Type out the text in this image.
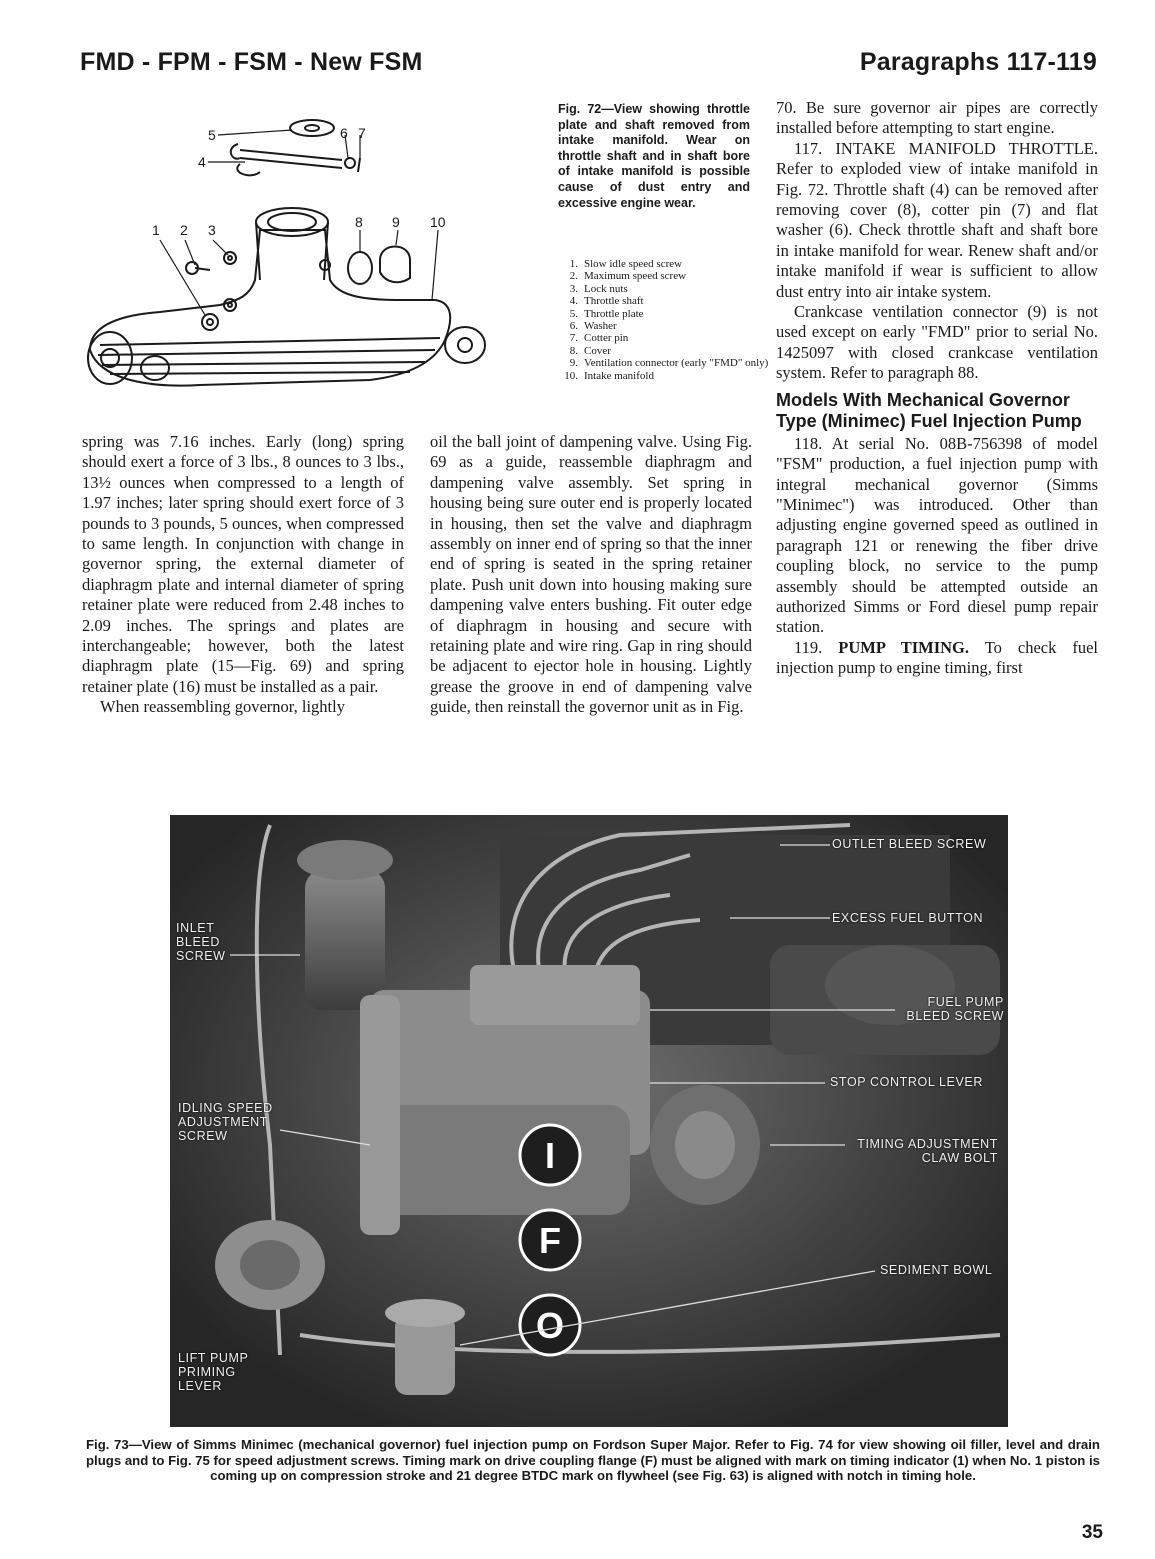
FMD - FPM - FSM - New FSM	Paragraphs 117-119
5
4
6 7
1 2 3	8 9 10
Fig. 72—View showing throttle plate and shaft removed from intake manifold. Wear on throttle shaft and in shaft bore of intake manifold is possible cause of dust entry and excessive engine wear.
1. Slow idle speed screw
2. Maximum speed screw
3. Lock nuts
4. Throttle shaft
5. Throttle plate
6. Washer
7. Cotter pin
8. Cover
9. Ventilation connector (early "FMD" only)
10. Intake manifold

spring was 7.16 inches. Early (long) spring should exert a force of 3 lbs., 8 ounces to 3 lbs., 13½ ounces when compressed to a length of 1.97 inches; later spring should exert force of 3 pounds to 3 pounds, 5 ounces, when compressed to same length. In conjunction with change in governor spring, the external diameter of diaphragm plate and internal diameter of spring retainer plate were reduced from 2.48 inches to 2.09 inches. The springs and plates are interchangeable; however, both the latest diaphragm plate (15—Fig. 69) and spring retainer plate (16) must be installed as a pair.

When reassembling governor, lightly

oil the ball joint of dampening valve. Using Fig. 69 as a guide, reassemble diaphragm and dampening valve assembly. Set spring in housing being sure outer end is properly located in housing, then set the valve and diaphragm assembly on inner end of spring so that the inner end of spring is seated in the spring retainer plate. Push unit down into housing making sure dampening valve enters bushing. Fit outer edge of diaphragm in housing and secure with retaining plate and wire ring. Gap in ring should be adjacent to ejector hole in housing. Lightly grease the groove in end of dampening valve guide, then reinstall the governor unit as in Fig.

70. Be sure governor air pipes are correctly installed before attempting to start engine.

117. INTAKE MANIFOLD THROTTLE. Refer to exploded view of intake manifold in Fig. 72. Throttle shaft (4) can be removed after removing cover (8), cotter pin (7) and flat washer (6). Check throttle shaft and shaft bore in intake manifold for wear. Renew shaft and/or intake manifold if wear is sufficient to allow dust entry into air intake system.

Crankcase ventilation connector (9) is not used except on early "FMD" prior to serial No. 1425097 with closed crankcase ventilation system. Refer to paragraph 88.

Models With Mechanical Governor Type (Minimec) Fuel Injection Pump

118. At serial No. 08B-756398 of model "FSM" production, a fuel injection pump with integral mechanical governor (Simms "Minimec") was introduced. Other than adjusting engine governed speed as outlined in paragraph 121 or renewing the fiber drive coupling block, no service to the pump assembly should be attempted outside an authorized Simms or Ford diesel pump repair station.

119. PUMP TIMING. To check fuel injection pump to engine timing, first

I
F
O
OUTLET BLEED SCREW
EXCESS FUEL BUTTON
INLET BLEED SCREW
FUEL PUMP BLEED SCREW
STOP CONTROL LEVER
IDLING SPEED ADJUSTMENT SCREW
TIMING ADJUSTMENT CLAW BOLT
LIFT PUMP PRIMING LEVER
SEDIMENT BOWL
Fig. 73—View of Simms Minimec (mechanical governor) fuel injection pump on Fordson Super Major. Refer to Fig. 74 for view showing oil filler, level and drain plugs and to Fig. 75 for speed adjustment screws. Timing mark on drive coupling flange (F) must be aligned with mark on timing indicator (1) when No. 1 piston is coming up on compression stroke and 21 degree BTDC mark on flywheel (see Fig. 63) is aligned with notch in timing hole.
35
